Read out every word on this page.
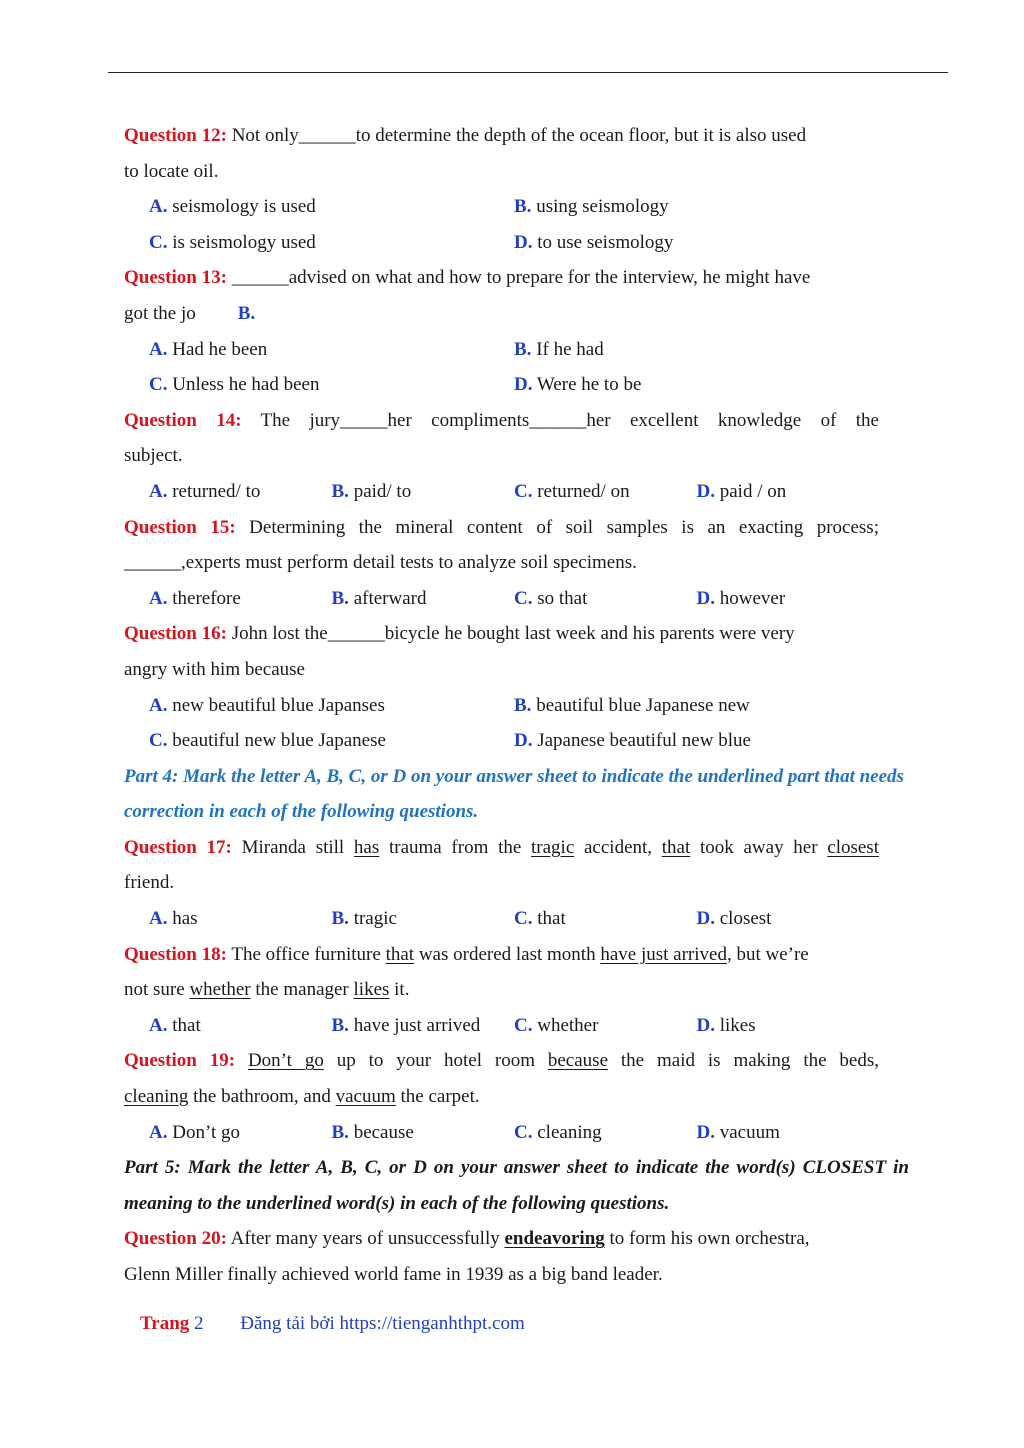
Question 12: Not only______to determine the depth of the ocean floor, but it is also used
to locate oil.
A. seismology is used	B. using seismology
C. is seismology used	D. to use seismology
Question 13: ______advised on what and how to prepare for the interview, he might have
got the jo B.
A. Had he been	B. If he had
C. Unless he had been	D. Were he to be
Question 14: The jury_____her compliments______her excellent knowledge of the
subject.
A. returned/ to	B. paid/ to	C. returned/ on	D. paid / on
Question 15: Determining the mineral content of soil samples is an exacting process;
______,experts must perform detail tests to analyze soil specimens.
A. therefore	B. afterward	C. so that	D. however
Question 16: John lost the______bicycle he bought last week and his parents were very
angry with him because
A. new beautiful blue Japanses	B. beautiful blue Japanese new
C. beautiful new blue Japanese	D. Japanese beautiful new blue
Part 4: Mark the letter A, B, C, or D on your answer sheet to indicate the underlined part that needs correction in each of the following questions.
Question 17: Miranda still has trauma from the tragic accident, that took away her closest
friend.
A. has	B. tragic	C. that	D. closest
Question 18: The office furniture that was ordered last month have just arrived, but we’re
not sure whether the manager likes it.
A. that	B. have just arrived	C. whether	D. likes
Question 19: Don’t go up to your hotel room because the maid is making the beds,
cleaning the bathroom, and vacuum the carpet.
A. Don’t go	B. because	C. cleaning	D. vacuum
Part 5: Mark the letter A, B, C, or D on your answer sheet to indicate the word(s) CLOSEST in meaning to the underlined word(s) in each of the following questions.
Question 20: After many years of unsuccessfully endeavoring to form his own orchestra,
Glenn Miller finally achieved world fame in 1939 as a big band leader.
Trang 2 Đăng tải bởi https://tienganhthpt.com
